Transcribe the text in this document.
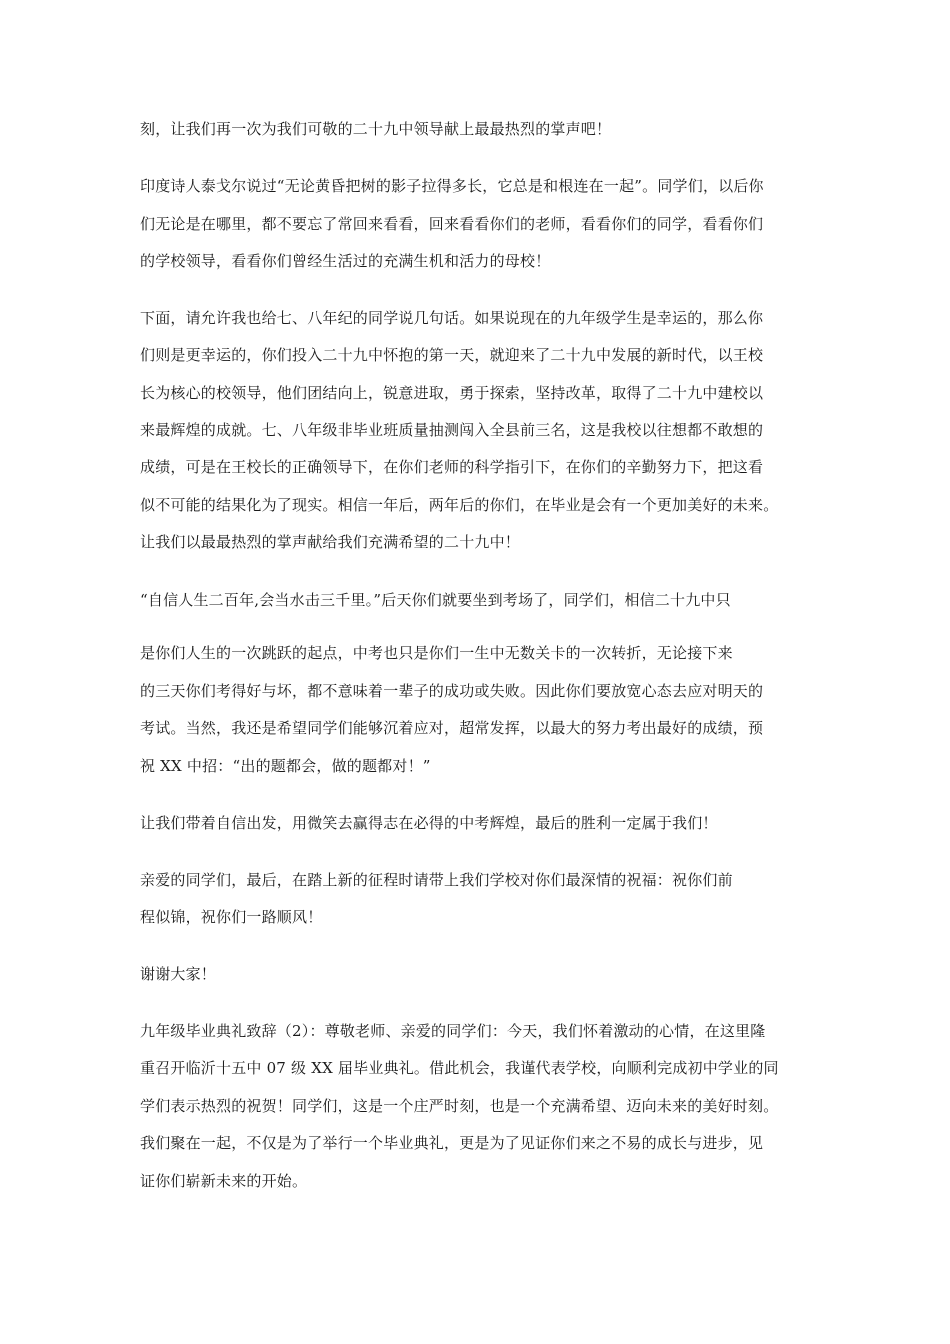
刻，让我们再一次为我们可敬的二十九中领导献上最最热烈的掌声吧！
印度诗人泰戈尔说过“无论黄昏把树的影子拉得多长，它总是和根连在一起”。同学们，以后你
们无论是在哪里，都不要忘了常回来看看，回来看看你们的老师，看看你们的同学，看看你们
的学校领导，看看你们曾经生活过的充满生机和活力的母校！
下面，请允许我也给七、八年纪的同学说几句话。如果说现在的九年级学生是幸运的，那么你
们则是更幸运的，你们投入二十九中怀抱的第一天，就迎来了二十九中发展的新时代，以王校
长为核心的校领导，他们团结向上，锐意进取，勇于探索，坚持改革，取得了二十九中建校以
来最辉煌的成就。七、八年级非毕业班质量抽测闯入全县前三名，这是我校以往想都不敢想的
成绩，可是在王校长的正确领导下，在你们老师的科学指引下，在你们的辛勤努力下，把这看
似不可能的结果化为了现实。相信一年后，两年后的你们，在毕业是会有一个更加美好的未来。
让我们以最最热烈的掌声献给我们充满希望的二十九中！
“自信人生二百年,会当水击三千里。”后天你们就要坐到考场了，同学们，相信二十九中只
是你们人生的一次跳跃的起点，中考也只是你们一生中无数关卡的一次转折，无论接下来
的三天你们考得好与坏，都不意味着一辈子的成功或失败。因此你们要放宽心态去应对明天的
考试。当然，我还是希望同学们能够沉着应对，超常发挥，以最大的努力考出最好的成绩，预
祝 XX 中招：“出的题都会，做的题都对！”
让我们带着自信出发，用微笑去赢得志在必得的中考辉煌，最后的胜利一定属于我们！
亲爱的同学们，最后，在踏上新的征程时请带上我们学校对你们最深情的祝福：祝你们前
程似锦，祝你们一路顺风！
谢谢大家！
九年级毕业典礼致辞（2）：尊敬老师、亲爱的同学们：今天，我们怀着激动的心情，在这里隆
重召开临沂十五中 07 级 XX 届毕业典礼。借此机会，我谨代表学校，向顺利完成初中学业的同
学们表示热烈的祝贺！同学们，这是一个庄严时刻，也是一个充满希望、迈向未来的美好时刻。
我们聚在一起，不仅是为了举行一个毕业典礼，更是为了见证你们来之不易的成长与进步，见
证你们崭新未来的开始。
